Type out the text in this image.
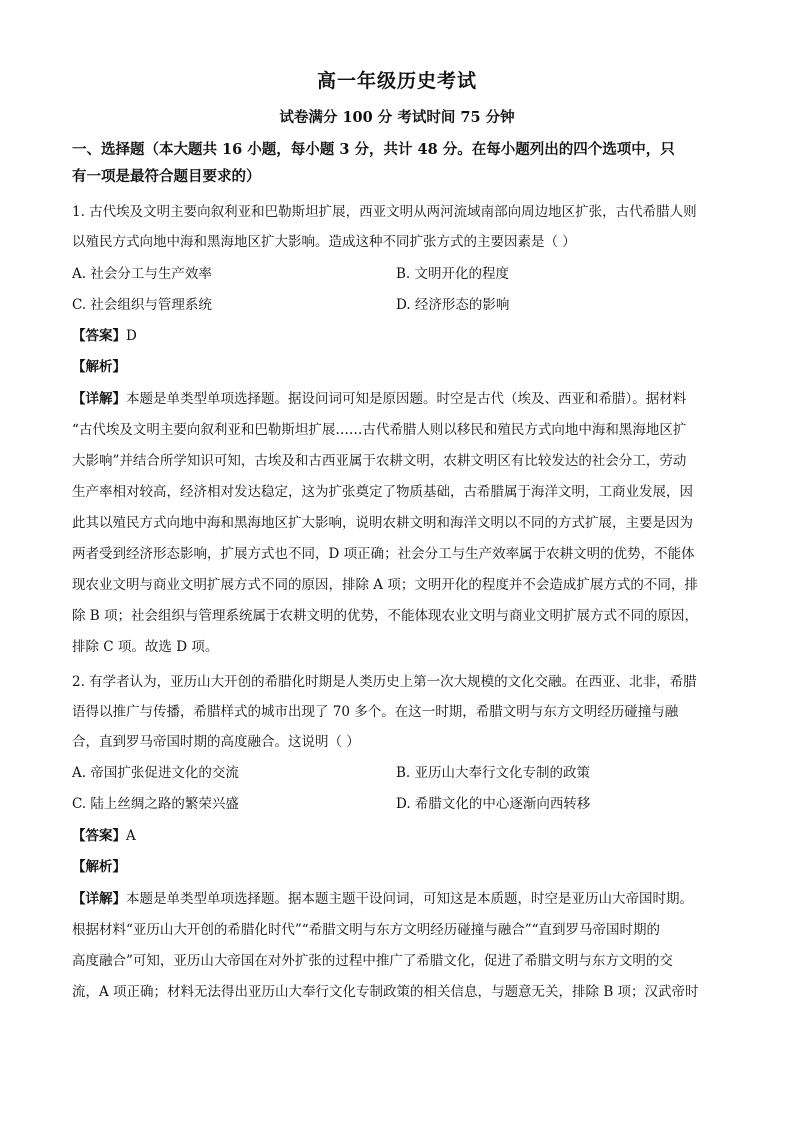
高一年级历史考试
试卷满分 100 分 考试时间 75 分钟
一、选择题（本大题共 16 小题，每小题 3 分，共计 48 分。在每小题列出的四个选项中，只
有一项是最符合题目要求的）
1. 古代埃及文明主要向叙利亚和巴勒斯坦扩展，西亚文明从两河流域南部向周边地区扩张，古代希腊人则
以殖民方式向地中海和黑海地区扩大影响。造成这种不同扩张方式的主要因素是（ ）
A. 社会分工与生产效率	B. 文明开化的程度
C. 社会组织与管理系统	D. 经济形态的影响
【答案】D
【解析】
【详解】本题是单类型单项选择题。据设问词可知是原因题。时空是古代（埃及、西亚和希腊）。据材料
“古代埃及文明主要向叙利亚和巴勒斯坦扩展……古代希腊人则以移民和殖民方式向地中海和黑海地区扩
大影响”并结合所学知识可知，古埃及和古西亚属于农耕文明，农耕文明区有比较发达的社会分工，劳动
生产率相对较高，经济相对发达稳定，这为扩张奠定了物质基础，古希腊属于海洋文明，工商业发展，因
此其以殖民方式向地中海和黑海地区扩大影响，说明农耕文明和海洋文明以不同的方式扩展，主要是因为
两者受到经济形态影响，扩展方式也不同，D 项正确；社会分工与生产效率属于农耕文明的优势，不能体
现农业文明与商业文明扩展方式不同的原因，排除 A 项；文明开化的程度并不会造成扩展方式的不同，排
除 B 项；社会组织与管理系统属于农耕文明的优势，不能体现农业文明与商业文明扩展方式不同的原因，
排除 C 项。故选 D 项。
2. 有学者认为，亚历山大开创的希腊化时期是人类历史上第一次大规模的文化交融。在西亚、北非，希腊
语得以推广与传播，希腊样式的城市出现了 70 多个。在这一时期，希腊文明与东方文明经历碰撞与融
合，直到罗马帝国时期的高度融合。这说明（ ）
A. 帝国扩张促进文化的交流	B. 亚历山大奉行文化专制的政策
C. 陆上丝绸之路的繁荣兴盛	D. 希腊文化的中心逐渐向西转移
【答案】A
【解析】
【详解】本题是单类型单项选择题。据本题主题干设问词，可知这是本质题，时空是亚历山大帝国时期。
根据材料“亚历山大开创的希腊化时代”“希腊文明与东方文明经历碰撞与融合”“直到罗马帝国时期的
高度融合”可知，亚历山大帝国在对外扩张的过程中推广了希腊文化，促进了希腊文明与东方文明的交
流，A 项正确；材料无法得出亚历山大奉行文化专制政策的相关信息，与题意无关，排除 B 项；汉武帝时
